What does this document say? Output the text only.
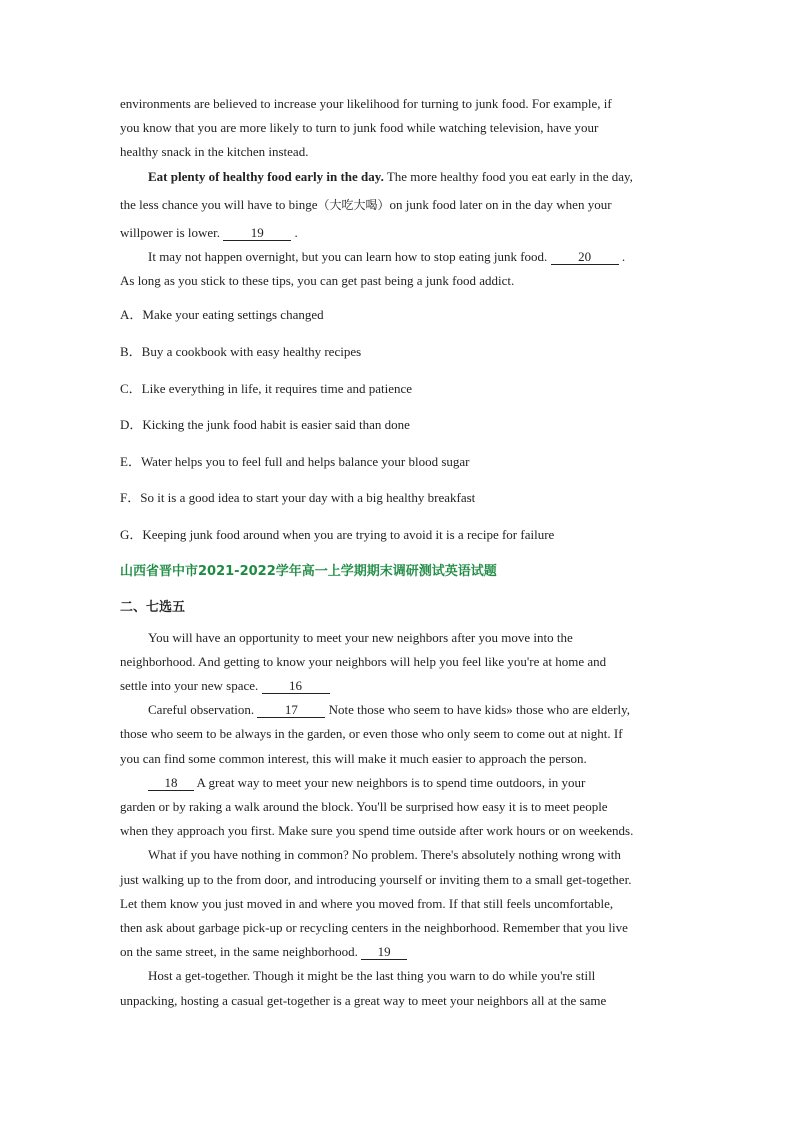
environments are believed to increase your likelihood for turning to junk food. For example, if

you know that you are more likely to turn to junk food while watching television, have your

healthy snack in the kitchen instead.

Eat plenty of healthy food early in the day. The more healthy food you eat early in the day,

the less chance you will have to binge（大吃大喝）on junk food later on in the day when your

willpower is lower. 19 .

It may not happen overnight, but you can learn how to stop eating junk food. 20 .

As long as you stick to these tips, you can get past being a junk food addict.

A．Make your eating settings changed

B．Buy a cookbook with easy healthy recipes

C．Like everything in life, it requires time and patience

D．Kicking the junk food habit is easier said than done

E．Water helps you to feel full and helps balance your blood sugar

F．So it is a good idea to start your day with a big healthy breakfast

G．Keeping junk food around when you are trying to avoid it is a recipe for failure

山西省晋中市2021-2022学年高一上学期期末调研测试英语试题

二、七选五

You will have an opportunity to meet your new neighbors after you move into the

neighborhood. And getting to know your neighbors will help you feel like you're at home and

settle into your new space. 16

Careful observation. 17 Note those who seem to have kids» those who are elderly,

those who seem to be always in the garden, or even those who only seem to come out at night. If

you can find some common interest, this will make it much easier to approach the person.

18 A great way to meet your new neighbors is to spend time outdoors, in your

garden or by raking a walk around the block. You'll be surprised how easy it is to meet people

when they approach you first. Make sure you spend time outside after work hours or on weekends.

What if you have nothing in common? No problem. There's absolutely nothing wrong with

just walking up to the from door, and introducing yourself or inviting them to a small get-together.

Let them know you just moved in and where you moved from. If that still feels uncomfortable,

then ask about garbage pick-up or recycling centers in the neighborhood. Remember that you live

on the same street, in the same neighborhood. 19

Host a get-together. Though it might be the last thing you warn to do while you're still

unpacking, hosting a casual get-together is a great way to meet your neighbors all at the same
